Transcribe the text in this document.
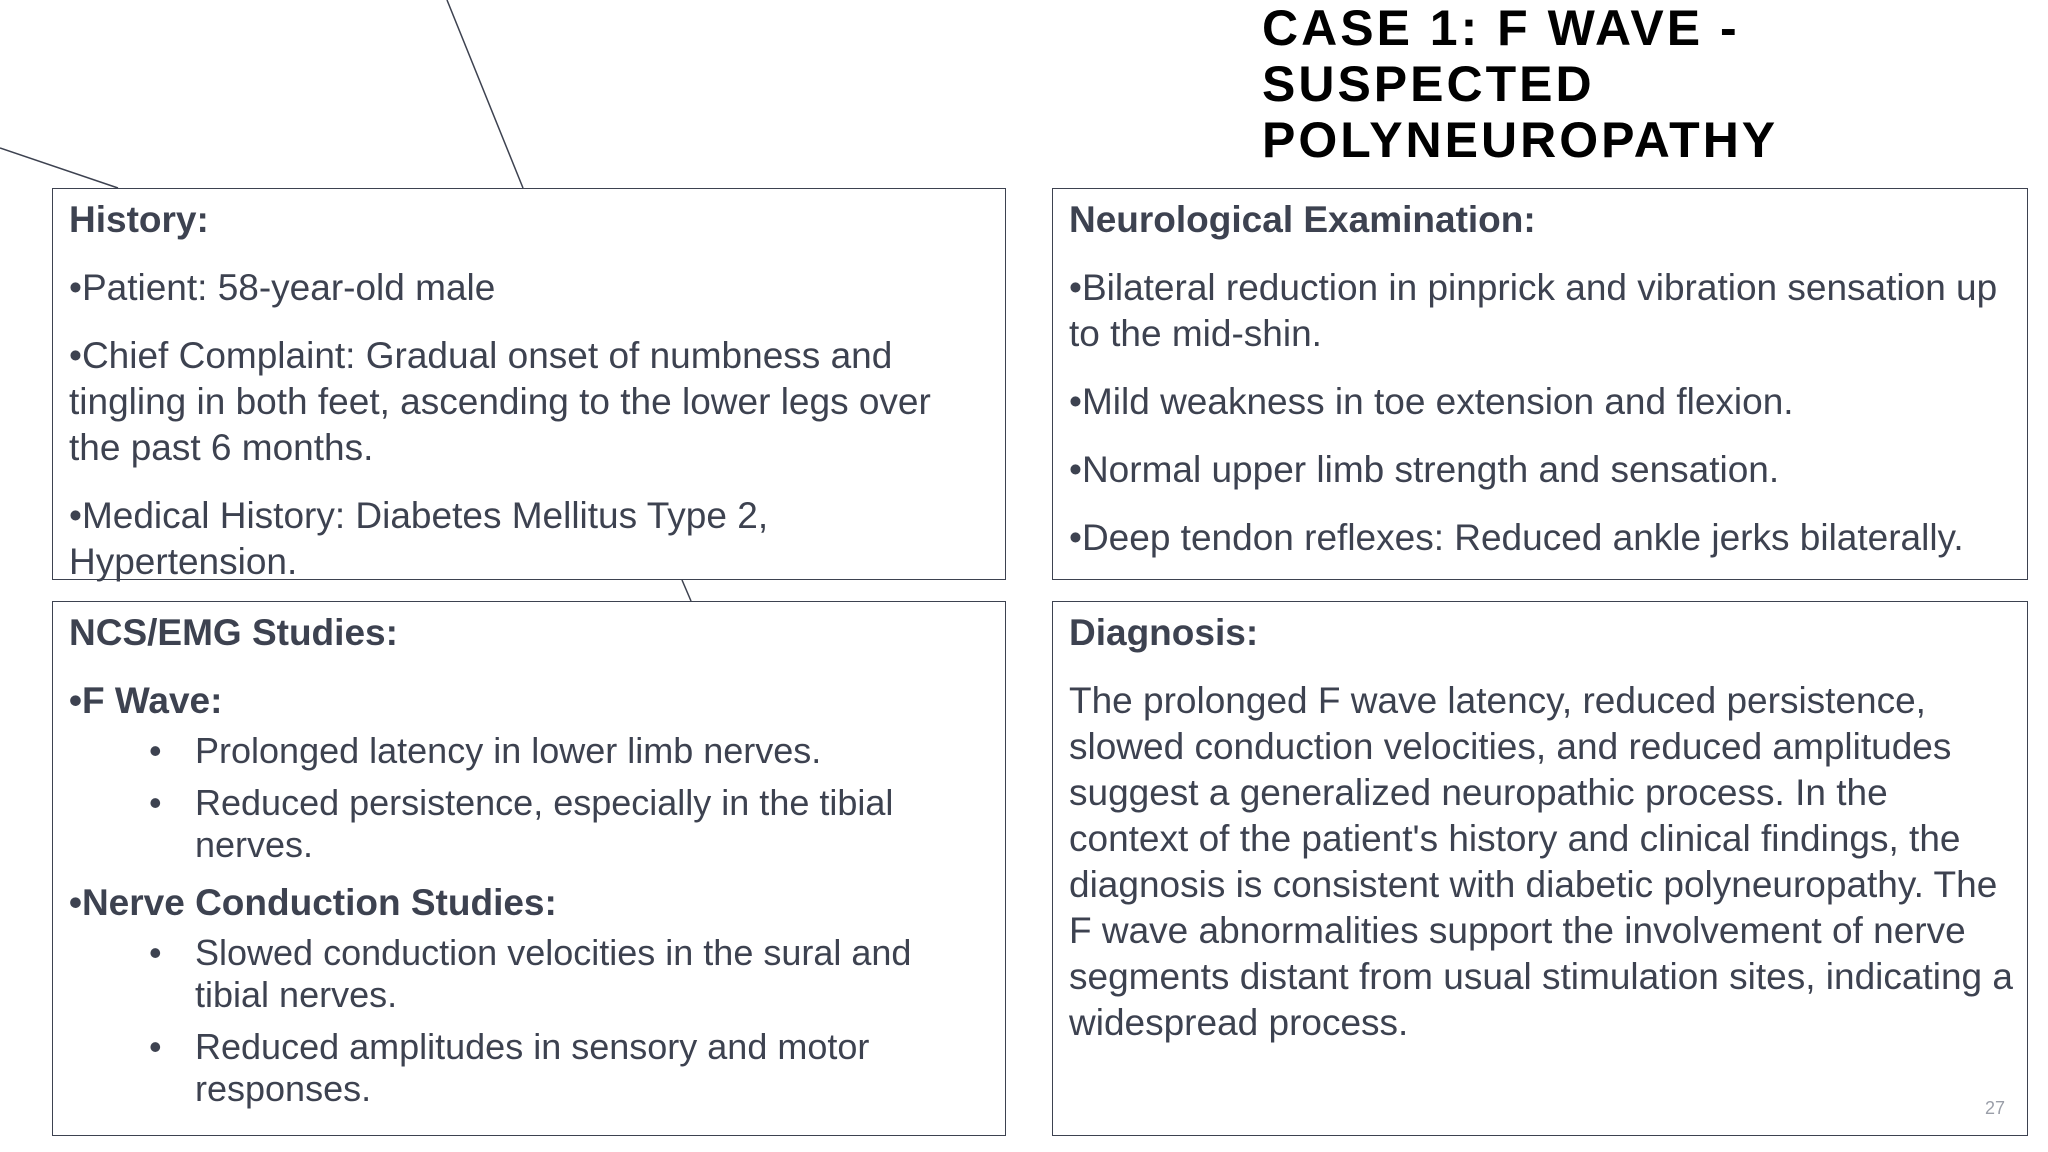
CASE 1: F WAVE -
SUSPECTED
POLYNEUROPATHY

History:

•Patient: 58-year-old male

•Chief Complaint: Gradual onset of numbness and tingling in both feet, ascending to the lower legs over the past 6 months.

•Medical History: Diabetes Mellitus Type 2, Hypertension.

Neurological Examination:

•Bilateral reduction in pinprick and vibration sensation up to the mid-shin.

•Mild weakness in toe extension and flexion.

•Normal upper limb strength and sensation.

•Deep tendon reflexes: Reduced ankle jerks bilaterally.

NCS/EMG Studies:

•F Wave:

• Prolonged latency in lower limb nerves.
• Reduced persistence, especially in the tibial nerves.

•Nerve Conduction Studies:

• Slowed conduction velocities in the sural and tibial nerves.
• Reduced amplitudes in sensory and motor responses.

Diagnosis:

The prolonged F wave latency, reduced persistence, slowed conduction velocities, and reduced amplitudes suggest a generalized neuropathic process. In the context of the patient's history and clinical findings, the diagnosis is consistent with diabetic polyneuropathy. The F wave abnormalities support the involvement of nerve segments distant from usual stimulation sites, indicating a widespread process.

27
